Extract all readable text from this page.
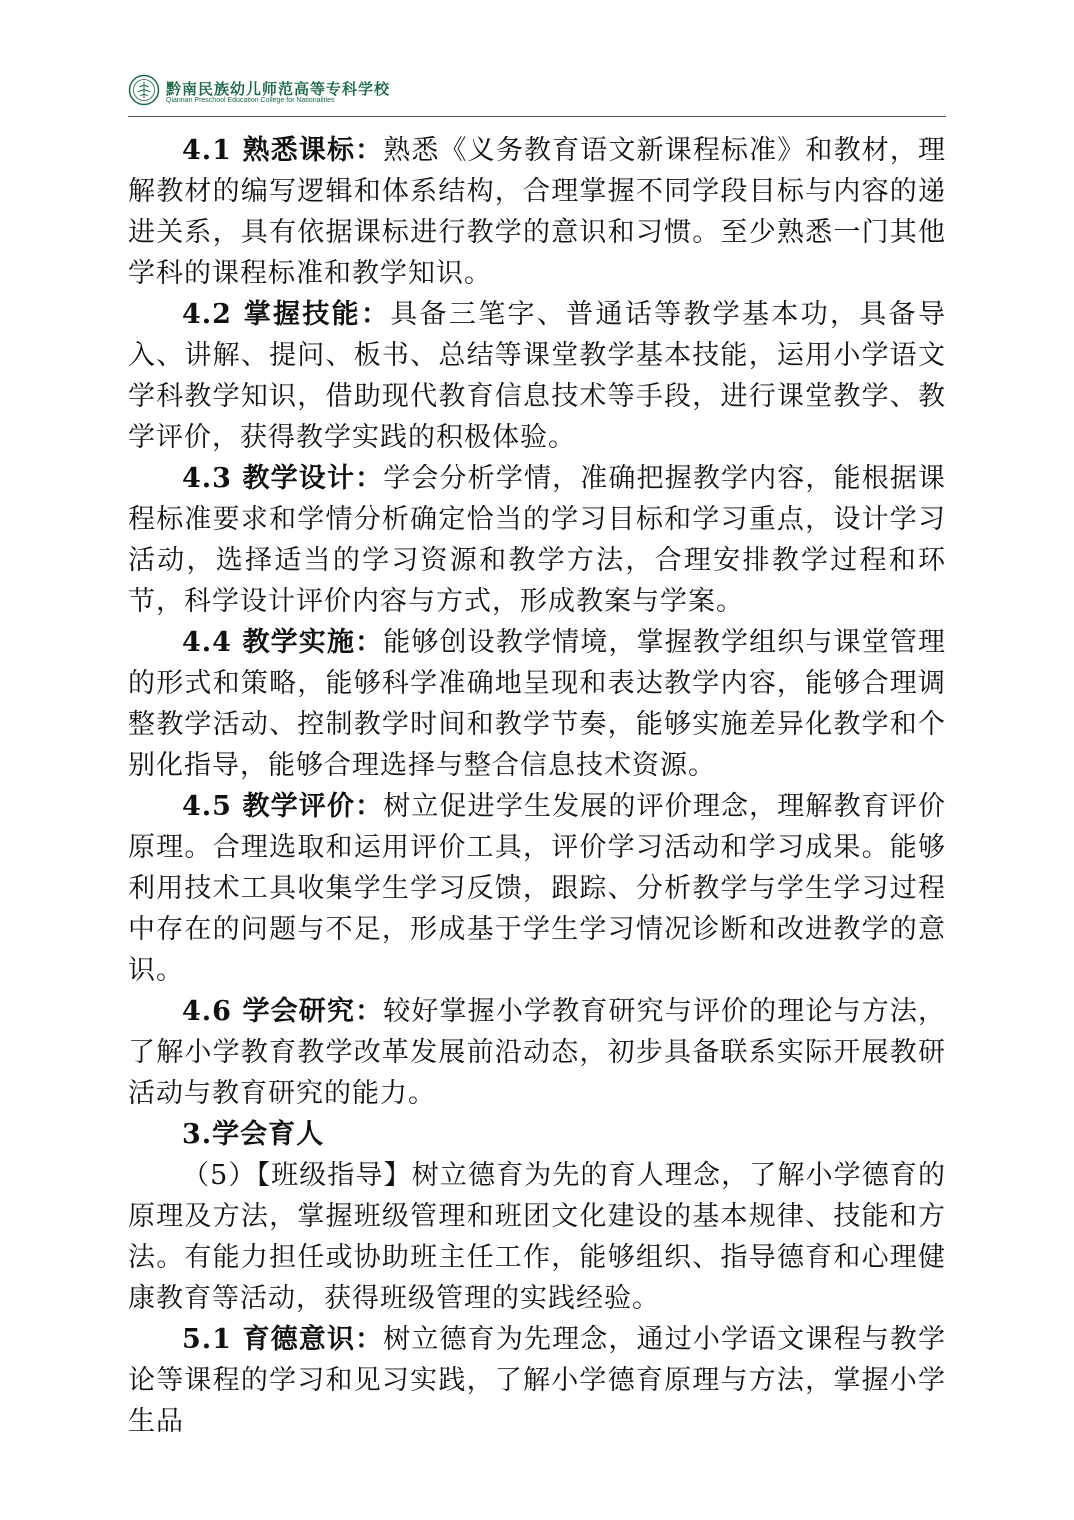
黔南民族幼儿师范高等专科学校
Qiannan Preschool Education College for Nationalities

4.1 熟悉课标：熟悉《义务教育语文新课程标准》和教材，理解教材的编写逻辑和体系结构，合理掌握不同学段目标与内容的递进关系，具有依据课标进行教学的意识和习惯。至少熟悉一门其他学科的课程标准和教学知识。

4.2 掌握技能：具备三笔字、普通话等教学基本功，具备导入、讲解、提问、板书、总结等课堂教学基本技能，运用小学语文学科教学知识，借助现代教育信息技术等手段，进行课堂教学、教学评价，获得教学实践的积极体验。

4.3 教学设计：学会分析学情，准确把握教学内容，能根据课程标准要求和学情分析确定恰当的学习目标和学习重点，设计学习活动，选择适当的学习资源和教学方法，合理安排教学过程和环节，科学设计评价内容与方式，形成教案与学案。

4.4 教学实施：能够创设教学情境，掌握教学组织与课堂管理的形式和策略，能够科学准确地呈现和表达教学内容，能够合理调整教学活动、控制教学时间和教学节奏，能够实施差异化教学和个别化指导，能够合理选择与整合信息技术资源。

4.5 教学评价：树立促进学生发展的评价理念，理解教育评价原理。合理选取和运用评价工具，评价学习活动和学习成果。能够利用技术工具收集学生学习反馈，跟踪、分析教学与学生学习过程中存在的问题与不足，形成基于学生学习情况诊断和改进教学的意识。

4.6 学会研究：较好掌握小学教育研究与评价的理论与方法，了解小学教育教学改革发展前沿动态，初步具备联系实际开展教研活动与教育研究的能力。

3.学会育人

（5）【班级指导】树立德育为先的育人理念，了解小学德育的原理及方法，掌握班级管理和班团文化建设的基本规律、技能和方法。有能力担任或协助班主任工作，能够组织、指导德育和心理健康教育等活动，获得班级管理的实践经验。

5.1 育德意识：树立德育为先理念，通过小学语文课程与教学论等课程的学习和见习实践，了解小学德育原理与方法，掌握小学生品
